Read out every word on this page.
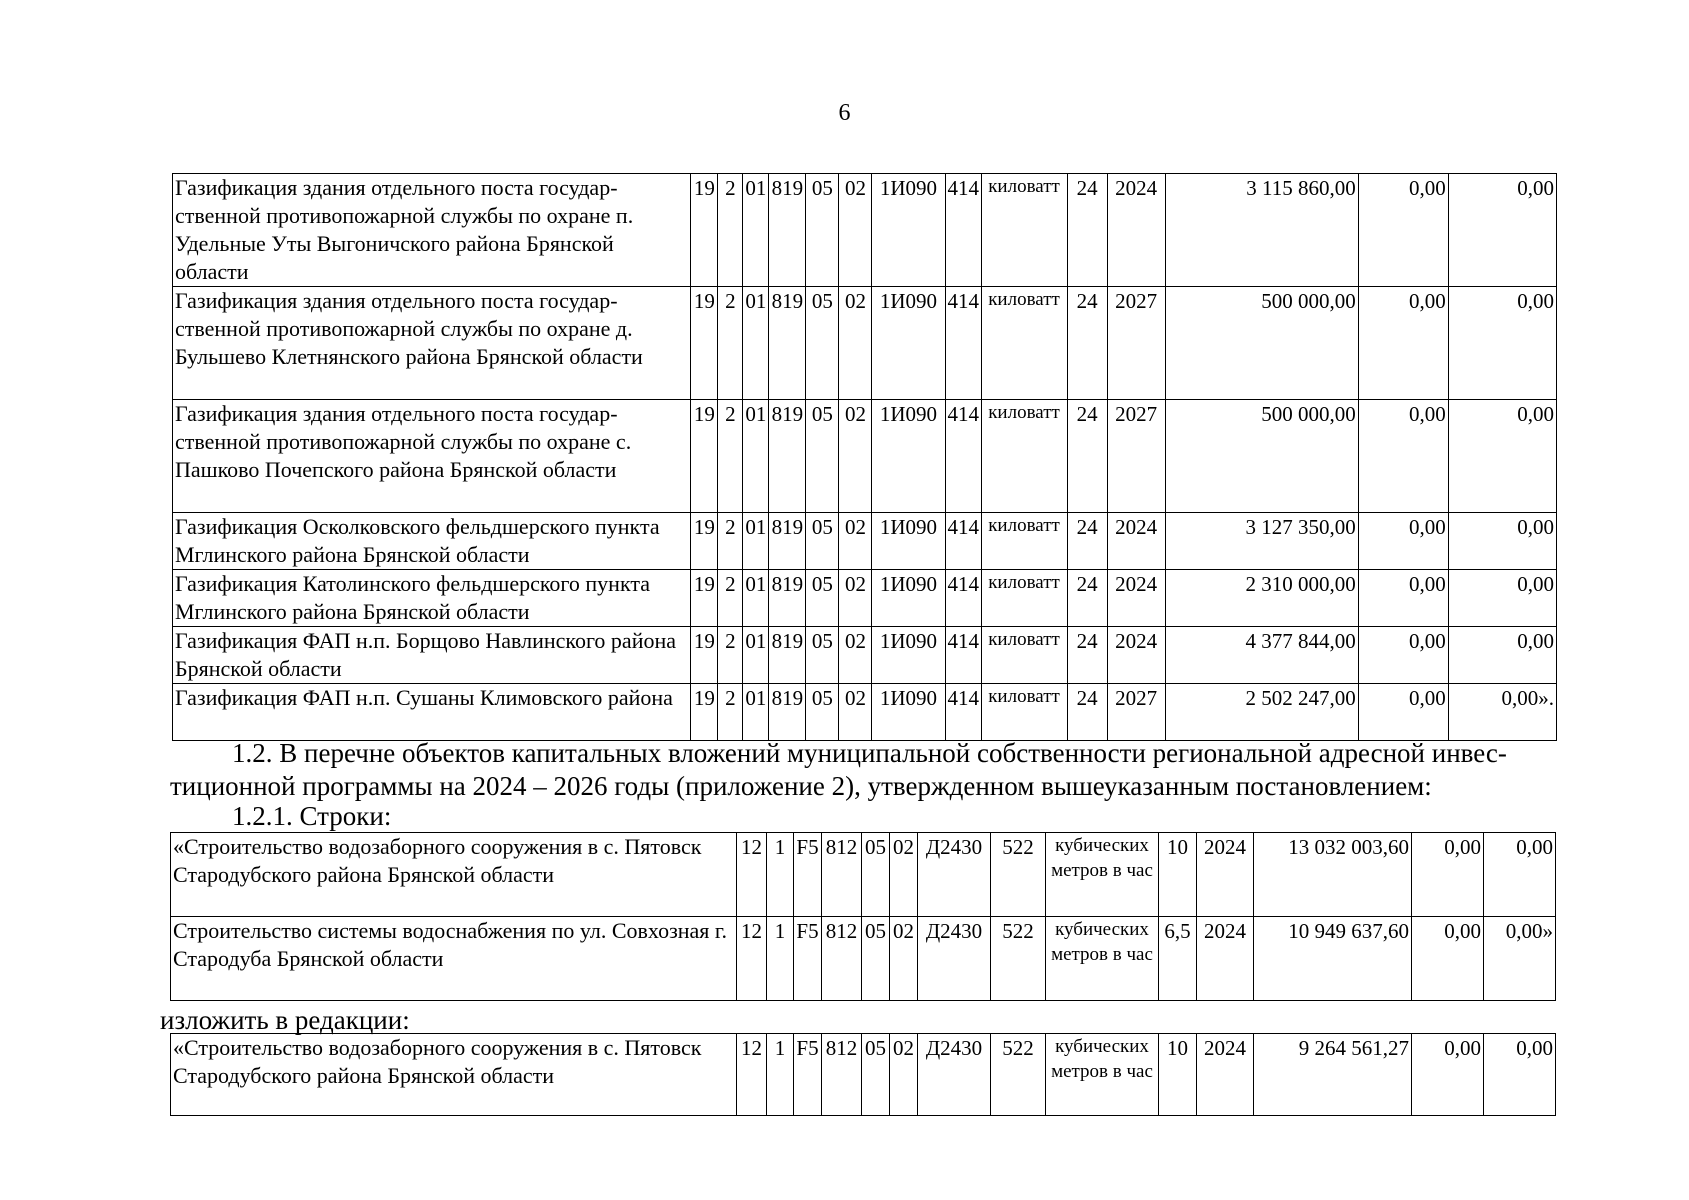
6
Газификация здания отдельного поста государ-ственной противопожарной службы по охране п. Удельные Уты Выгоничского района Брянской области	19	2	01	819	05	02	1И090	414	киловатт	24	2024	3 115 860,00	0,00	0,00
Газификация здания отдельного поста государ-ственной противопожарной службы по охране д. Бульшево Клетнянского района Брянской области	19	2	01	819	05	02	1И090	414	киловатт	24	2027	500 000,00	0,00	0,00
Газификация здания отдельного поста государ-ственной противопожарной службы по охране с. Пашково Почепского района Брянской области	19	2	01	819	05	02	1И090	414	киловатт	24	2027	500 000,00	0,00	0,00
Газификация Осколковского фельдшерского пункта Мглинского района Брянской области	19	2	01	819	05	02	1И090	414	киловатт	24	2024	3 127 350,00	0,00	0,00
Газификация Католинского фельдшерского пункта Мглинского района Брянской области	19	2	01	819	05	02	1И090	414	киловатт	24	2024	2 310 000,00	0,00	0,00
Газификация ФАП н.п. Борщово Навлинского района Брянской области	19	2	01	819	05	02	1И090	414	киловатт	24	2024	4 377 844,00	0,00	0,00
Газификация ФАП н.п. Сушаны Климовского района	19	2	01	819	05	02	1И090	414	киловатт	24	2027	2 502 247,00	0,00	0,00».
1.2. В перечне объектов капитальных вложений муниципальной собственности региональной адресной инвес-
тиционной программы на 2024 – 2026 годы (приложение 2), утвержденном вышеуказанным постановлением:
1.2.1. Строки:
«Строительство водозаборного сооружения в с. Пятовск Стародубского района Брянской области	12	1	F5	812	05	02	Д2430	522	кубических метров в час	10	2024	13 032 003,60	0,00	0,00
Строительство системы водоснабжения по ул. Совхозная г. Стародуба Брянской области	12	1	F5	812	05	02	Д2430	522	кубических метров в час	6,5	2024	10 949 637,60	0,00	0,00»
изложить в редакции:
«Строительство водозаборного сооружения в с. Пятовск Стародубского района Брянской области	12	1	F5	812	05	02	Д2430	522	кубических метров в час	10	2024	9 264 561,27	0,00	0,00
